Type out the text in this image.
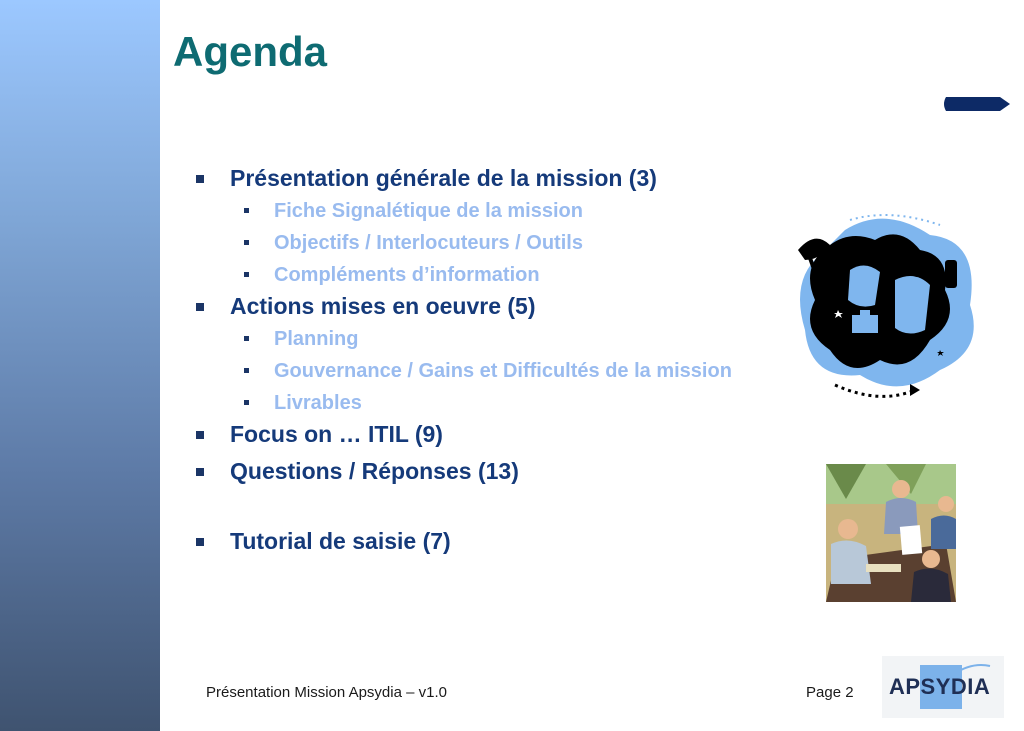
Agenda
Présentation générale de la mission (3)
Fiche Signalétique de la mission
Objectifs / Interlocuteurs / Outils
Compléments d’information
Actions mises en oeuvre (5)
Planning
Gouvernance / Gains et Difficultés de la mission
Livrables
Focus on … ITIL (9)
Questions / Réponses (13)
Tutorial de saisie (7)
Présentation Mission Apsydia – v1.0	Page 2 APSYDIA
